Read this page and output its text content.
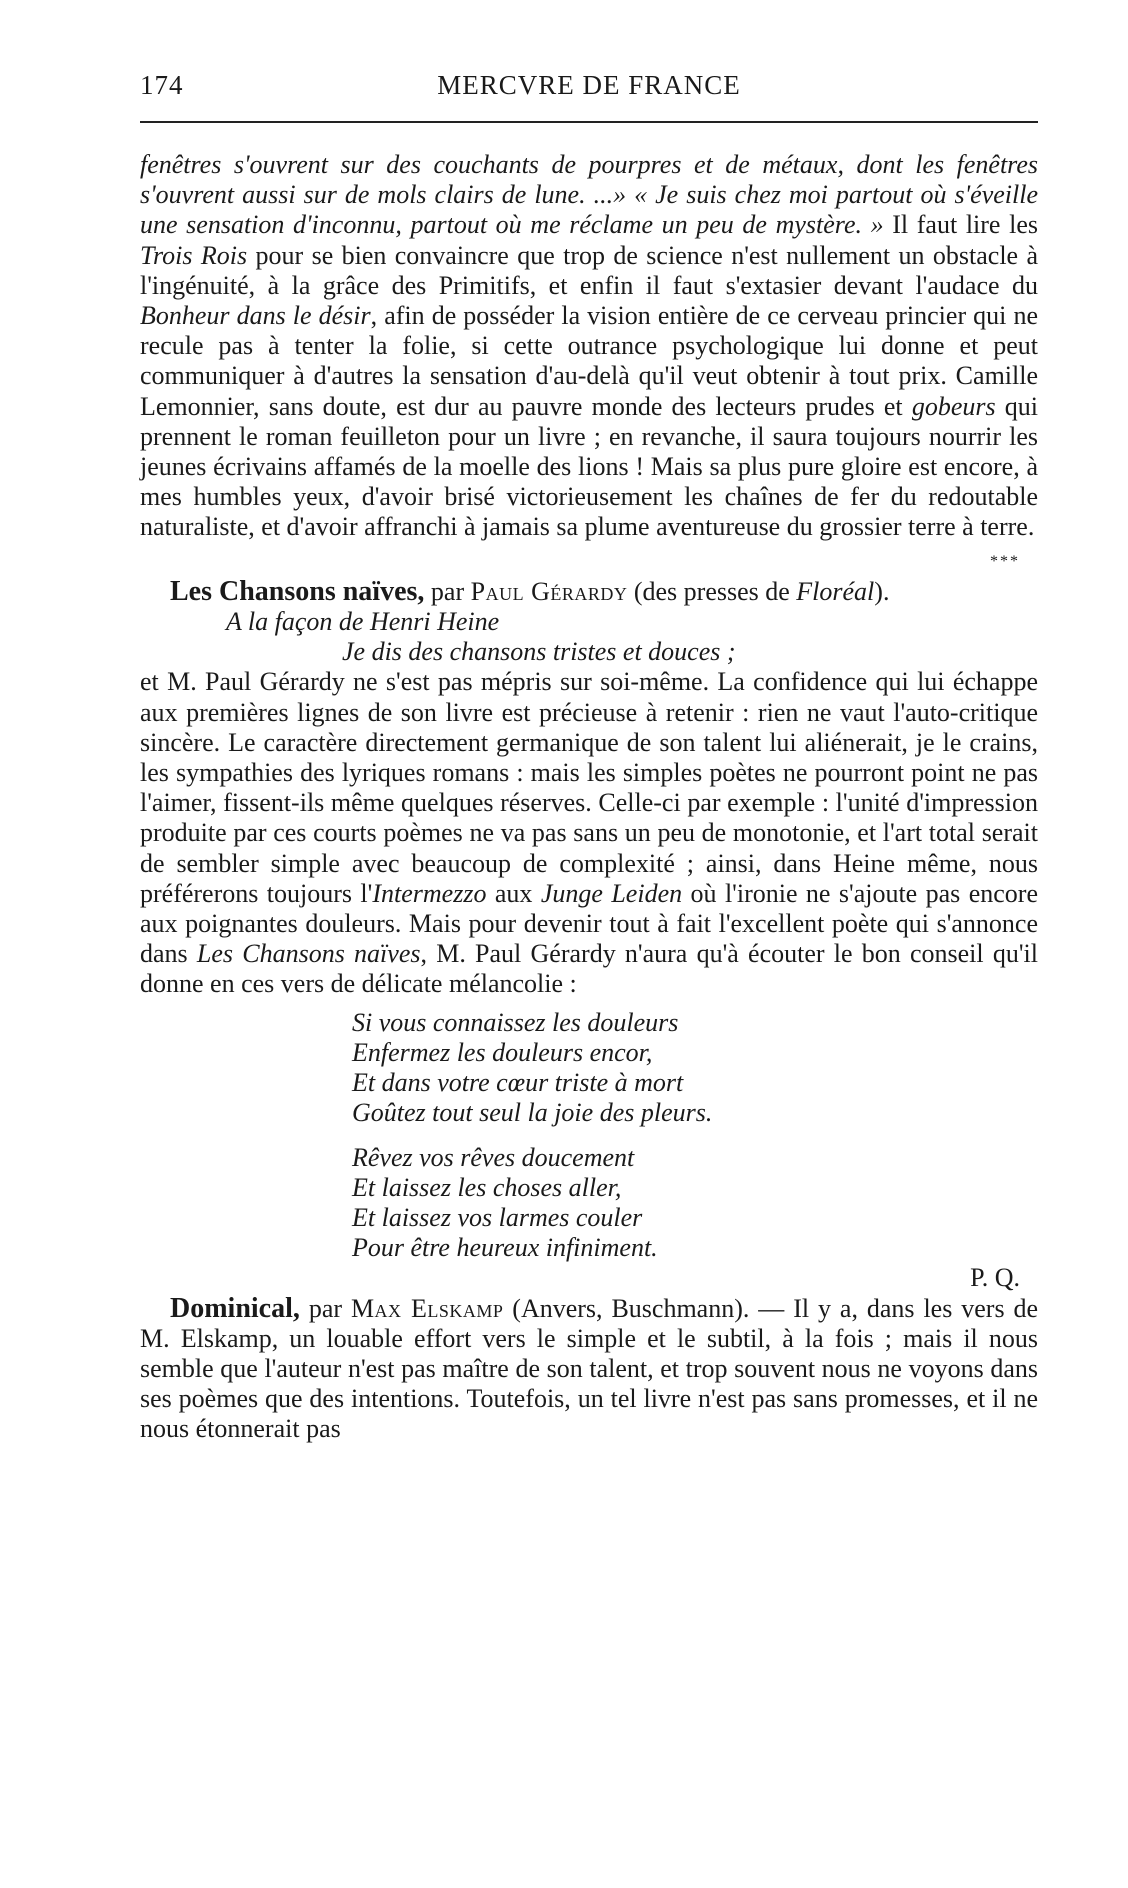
174	MERCVRE DE FRANCE

fenêtres s'ouvrent sur des couchants de pourpres et de métaux, dont les fenêtres s'ouvrent aussi sur de mols clairs de lune. ...» « Je suis chez moi partout où s'éveille une sensation d'inconnu, partout où me réclame un peu de mystère. » Il faut lire les Trois Rois pour se bien convaincre que trop de science n'est nullement un obstacle à l'ingénuité, à la grâce des Primitifs, et enfin il faut s'extasier devant l'audace du Bonheur dans le désir, afin de posséder la vision entière de ce cerveau princier qui ne recule pas à tenter la folie, si cette outrance psychologique lui donne et peut communiquer à d'autres la sensation d'au-delà qu'il veut obtenir à tout prix. Camille Lemonnier, sans doute, est dur au pauvre monde des lecteurs prudes et gobeurs qui prennent le roman feuilleton pour un livre ; en revanche, il saura toujours nourrir les jeunes écrivains affamés de la moelle des lions ! Mais sa plus pure gloire est encore, à mes humbles yeux, d'avoir brisé victorieusement les chaînes de fer du redoutable naturaliste, et d'avoir affranchi à jamais sa plume aventureuse du grossier terre à terre.

***

Les Chansons naïves, par Paul Gérardy (des presses de Floréal).

A la façon de Henri Heine

Je dis des chansons tristes et douces ;

et M. Paul Gérardy ne s'est pas mépris sur soi-même. La confidence qui lui échappe aux premières lignes de son livre est précieuse à retenir : rien ne vaut l'auto-critique sincère. Le caractère directement germanique de son talent lui aliénerait, je le crains, les sympathies des lyriques romans : mais les simples poètes ne pourront point ne pas l'aimer, fissent-ils même quelques réserves. Celle-ci par exemple : l'unité d'impression produite par ces courts poèmes ne va pas sans un peu de monotonie, et l'art total serait de sembler simple avec beaucoup de complexité ; ainsi, dans Heine même, nous préférerons toujours l'Intermezzo aux Junge Leiden où l'ironie ne s'ajoute pas encore aux poignantes douleurs. Mais pour devenir tout à fait l'excellent poète qui s'annonce dans Les Chansons naïves, M. Paul Gérardy n'aura qu'à écouter le bon conseil qu'il donne en ces vers de délicate mélancolie :

Si vous connaissez les douleurs

Enfermez les douleurs encor,

Et dans votre cœur triste à mort

Goûtez tout seul la joie des pleurs.

Rêvez vos rêves doucement

Et laissez les choses aller,

Et laissez vos larmes couler

Pour être heureux infiniment.

P. Q.

Dominical, par Max Elskamp (Anvers, Buschmann). — Il y a, dans les vers de M. Elskamp, un louable effort vers le simple et le subtil, à la fois ; mais il nous semble que l'auteur n'est pas maître de son talent, et trop souvent nous ne voyons dans ses poèmes que des intentions. Toutefois, un tel livre n'est pas sans promesses, et il ne nous étonnerait pas
